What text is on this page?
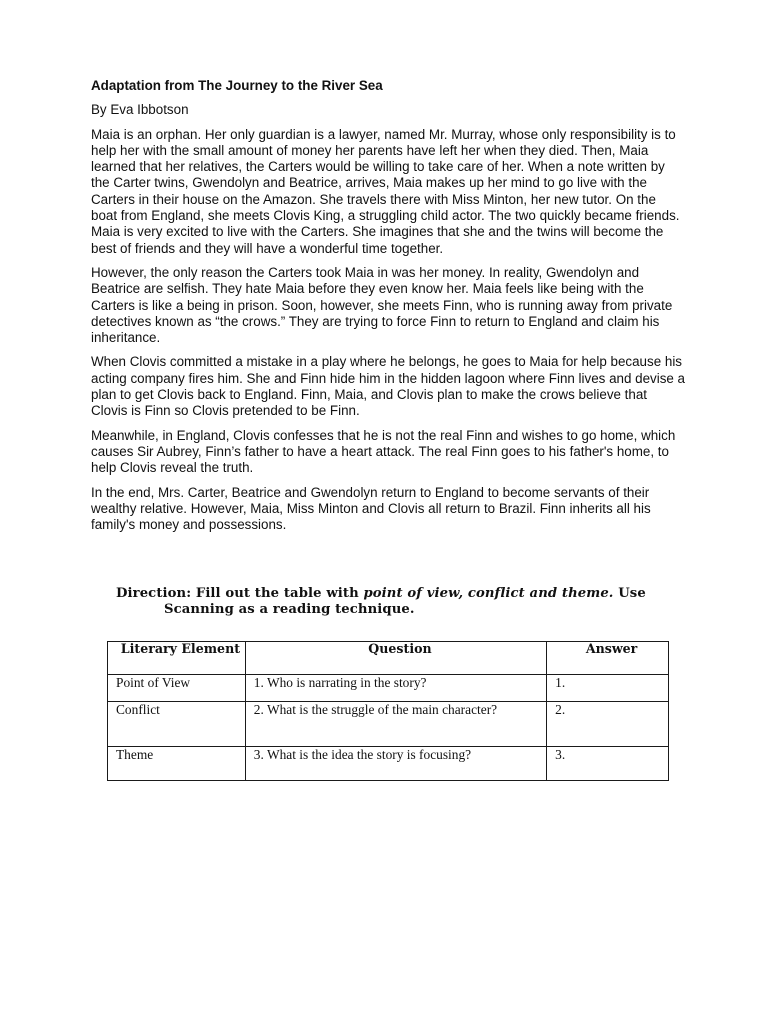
Adaptation from The Journey to the River Sea

By Eva Ibbotson

Maia is an orphan. Her only guardian is a lawyer, named Mr. Murray, whose only responsibility is to help her with the small amount of money her parents have left her when they died. Then, Maia learned that her relatives, the Carters would be willing to take care of her. When a note written by the Carter twins, Gwendolyn and Beatrice, arrives, Maia makes up her mind to go live with the Carters in their house on the Amazon. She travels there with Miss Minton, her new tutor. On the boat from England, she meets Clovis King, a struggling child actor. The two quickly became friends. Maia is very excited to live with the Carters. She imagines that she and the twins will become the best of friends and they will have a wonderful time together.

However, the only reason the Carters took Maia in was her money. In reality, Gwendolyn and Beatrice are selfish. They hate Maia before they even know her. Maia feels like being with the Carters is like a being in prison. Soon, however, she meets Finn, who is running away from private detectives known as “the crows.” They are trying to force Finn to return to England and claim his inheritance.

When Clovis committed a mistake in a play where he belongs, he goes to Maia for help because his acting company fires him. She and Finn hide him in the hidden lagoon where Finn lives and devise a plan to get Clovis back to England. Finn, Maia, and Clovis plan to make the crows believe that Clovis is Finn so Clovis pretended to be Finn.

Meanwhile, in England, Clovis confesses that he is not the real Finn and wishes to go home, which causes Sir Aubrey, Finn’s father to have a heart attack. The real Finn goes to his father's home, to help Clovis reveal the truth.

In the end, Mrs. Carter, Beatrice and Gwendolyn return to England to become servants of their wealthy relative. However, Maia, Miss Minton and Clovis all return to Brazil. Finn inherits all his family's money and possessions.

Direction: Fill out the table with point of view, conflict and theme. Use
Scanning as a reading technique.
Literary Element	Question	Answer
Point of View	1. Who is narrating in the story?	1.
Conflict	2. What is the struggle of the main character?	2.
Theme	3. What is the idea the story is focusing?	3.
